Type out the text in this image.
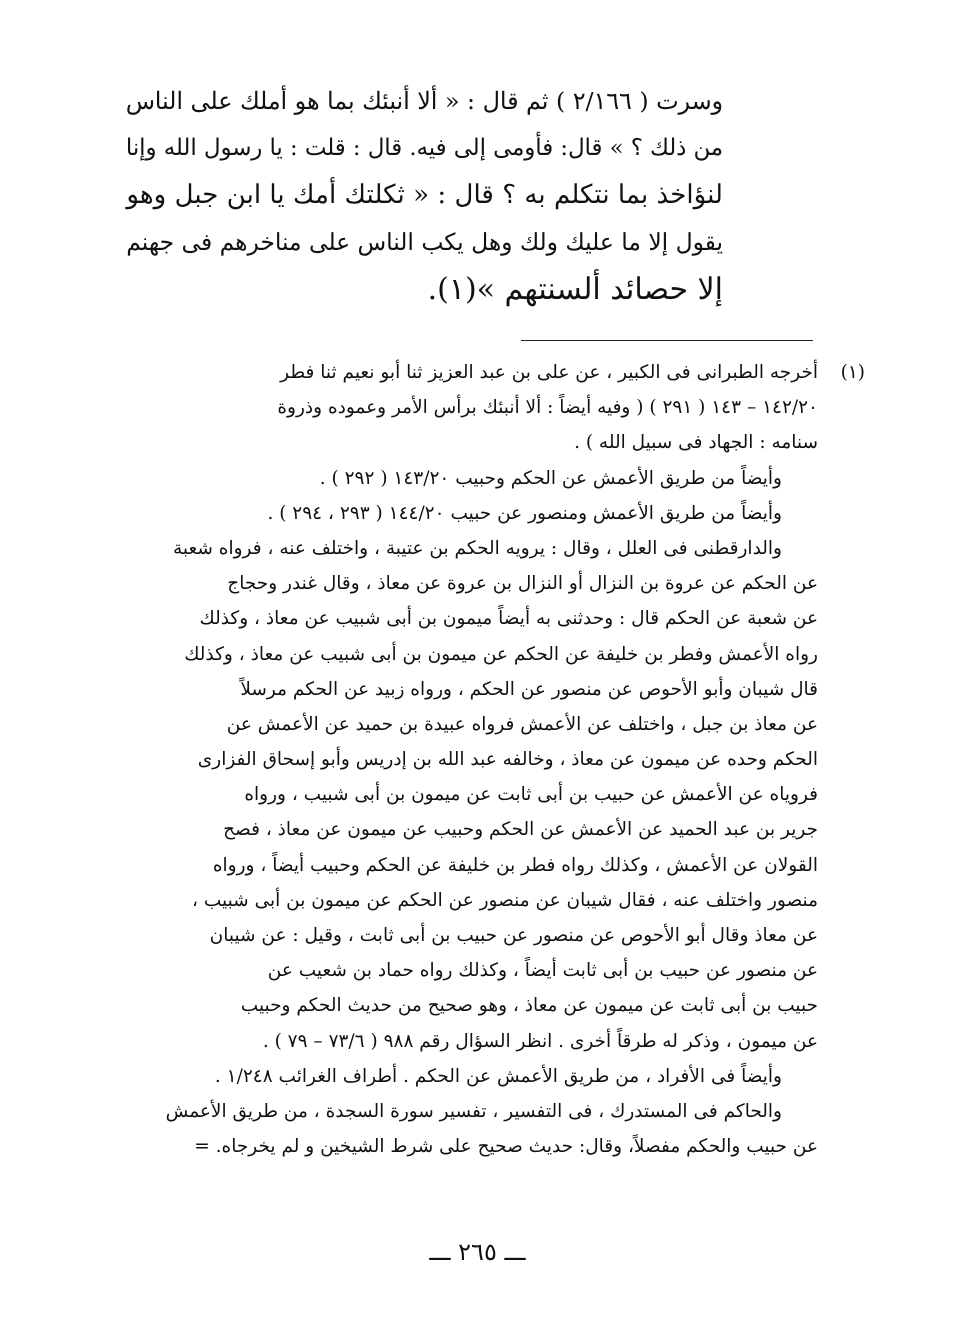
وسرت ( ٢/١٦٦ ) ثم قال : « ألا أنبئك بما هو أملك على الناس
من ذلك ؟ » قال: فأومى إلى فيه. قال : قلت : يا رسول الله وإنا
لنؤاخذ بما نتكلم به ؟ قال : « ثكلتك أمك يا ابن جبل وهو
يقول إلا ما عليك ولك وهل يكب الناس على مناخرهم فى جهنم
إلا حصائد ألسنتهم »(١).
(١)
أخرجه الطبرانى فى الكبير ، عن على بن عبد العزيز ثنا أبو نعيم ثنا فطر
١٤٢/٢٠ – ١٤٣ ( ٢٩١ ) ( وفيه أيضاً : ألا أنبئك برأس الأمر وعموده وذروة
سنامه : الجهاد فى سبيل الله ) .
وأيضاً من طريق الأعمش عن الحكم وحبيب ١٤٣/٢٠ ( ٢٩٢ ) .
وأيضاً من طريق الأعمش ومنصور عن حبيب ١٤٤/٢٠ ( ٢٩٣ ، ٢٩٤ ) .
والدارقطنى فى العلل ، وقال : يرويه الحكم بن عتيبة ، واختلف عنه ، فرواه شعبة
عن الحكم عن عروة بن النزال أو النزال بن عروة عن معاذ ، وقال غندر وحجاج
عن شعبة عن الحكم قال : وحدثنى به أيضاً ميمون بن أبى شبيب عن معاذ ، وكذلك
رواه الأعمش وفطر بن خليفة عن الحكم عن ميمون بن أبى شبيب عن معاذ ، وكذلك
قال شيبان وأبو الأحوص عن منصور عن الحكم ، ورواه زبيد عن الحكم مرسلاً
عن معاذ بن جبل ، واختلف عن الأعمش فرواه عبيدة بن حميد عن الأعمش عن
الحكم وحده عن ميمون عن معاذ ، وخالفه عبد الله بن إدريس وأبو إسحاق الفزارى
فروياه عن الأعمش عن حبيب بن أبى ثابت عن ميمون بن أبى شبيب ، ورواه
جرير بن عبد الحميد عن الأعمش عن الحكم وحبيب عن ميمون عن معاذ ، فصح
القولان عن الأعمش ، وكذلك رواه فطر بن خليفة عن الحكم وحبيب أيضاً ، ورواه
منصور واختلف عنه ، فقال شيبان عن منصور عن الحكم عن ميمون بن أبى شبيب ،
عن معاذ وقال أبو الأحوص عن منصور عن حبيب بن أبى ثابت ، وقيل : عن شيبان
عن منصور عن حبيب بن أبى ثابت أيضاً ، وكذلك رواه حماد بن شعيب عن
حبيب بن أبى ثابت عن ميمون عن معاذ ، وهو صحيح من حديث الحكم وحبيب
عن ميمون ، وذكر له طرقاً أخرى . انظر السؤال رقم ٩٨٨ ( ٧٣/٦ – ٧٩ ) .
وأيضاً فى الأفراد ، من طريق الأعمش عن الحكم . أطراف الغرائب ١/٢٤٨ .
والحاكم فى المستدرك ، فى التفسير ، تفسير سورة السجدة ، من طريق الأعمش
عن حبيب والحكم مفصلاً، وقال: حديث صحيح على شرط الشيخين و لم يخرجاه. =
ـــ ٢٦٥ ـــ
